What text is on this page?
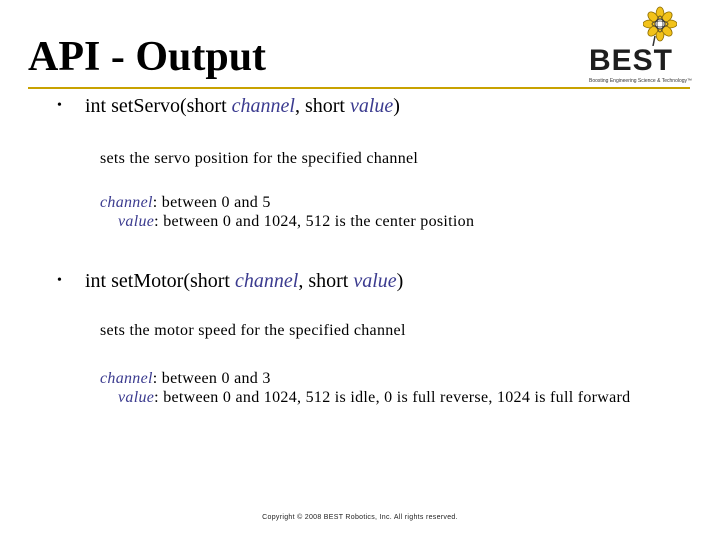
API - Output	BEST
Boosting Engineering Science & Technology™
• int setServo(short channel, short value)
sets the servo position for the specified channel
channel: between 0 and 5
value: between 0 and 1024, 512 is the center position
• int setMotor(short channel, short value)
sets the motor speed for the specified channel
channel: between 0 and 3
value: between 0 and 1024, 512 is idle, 0 is full reverse, 1024 is full forward
Copyright © 2008 BEST Robotics, Inc. All rights reserved.
